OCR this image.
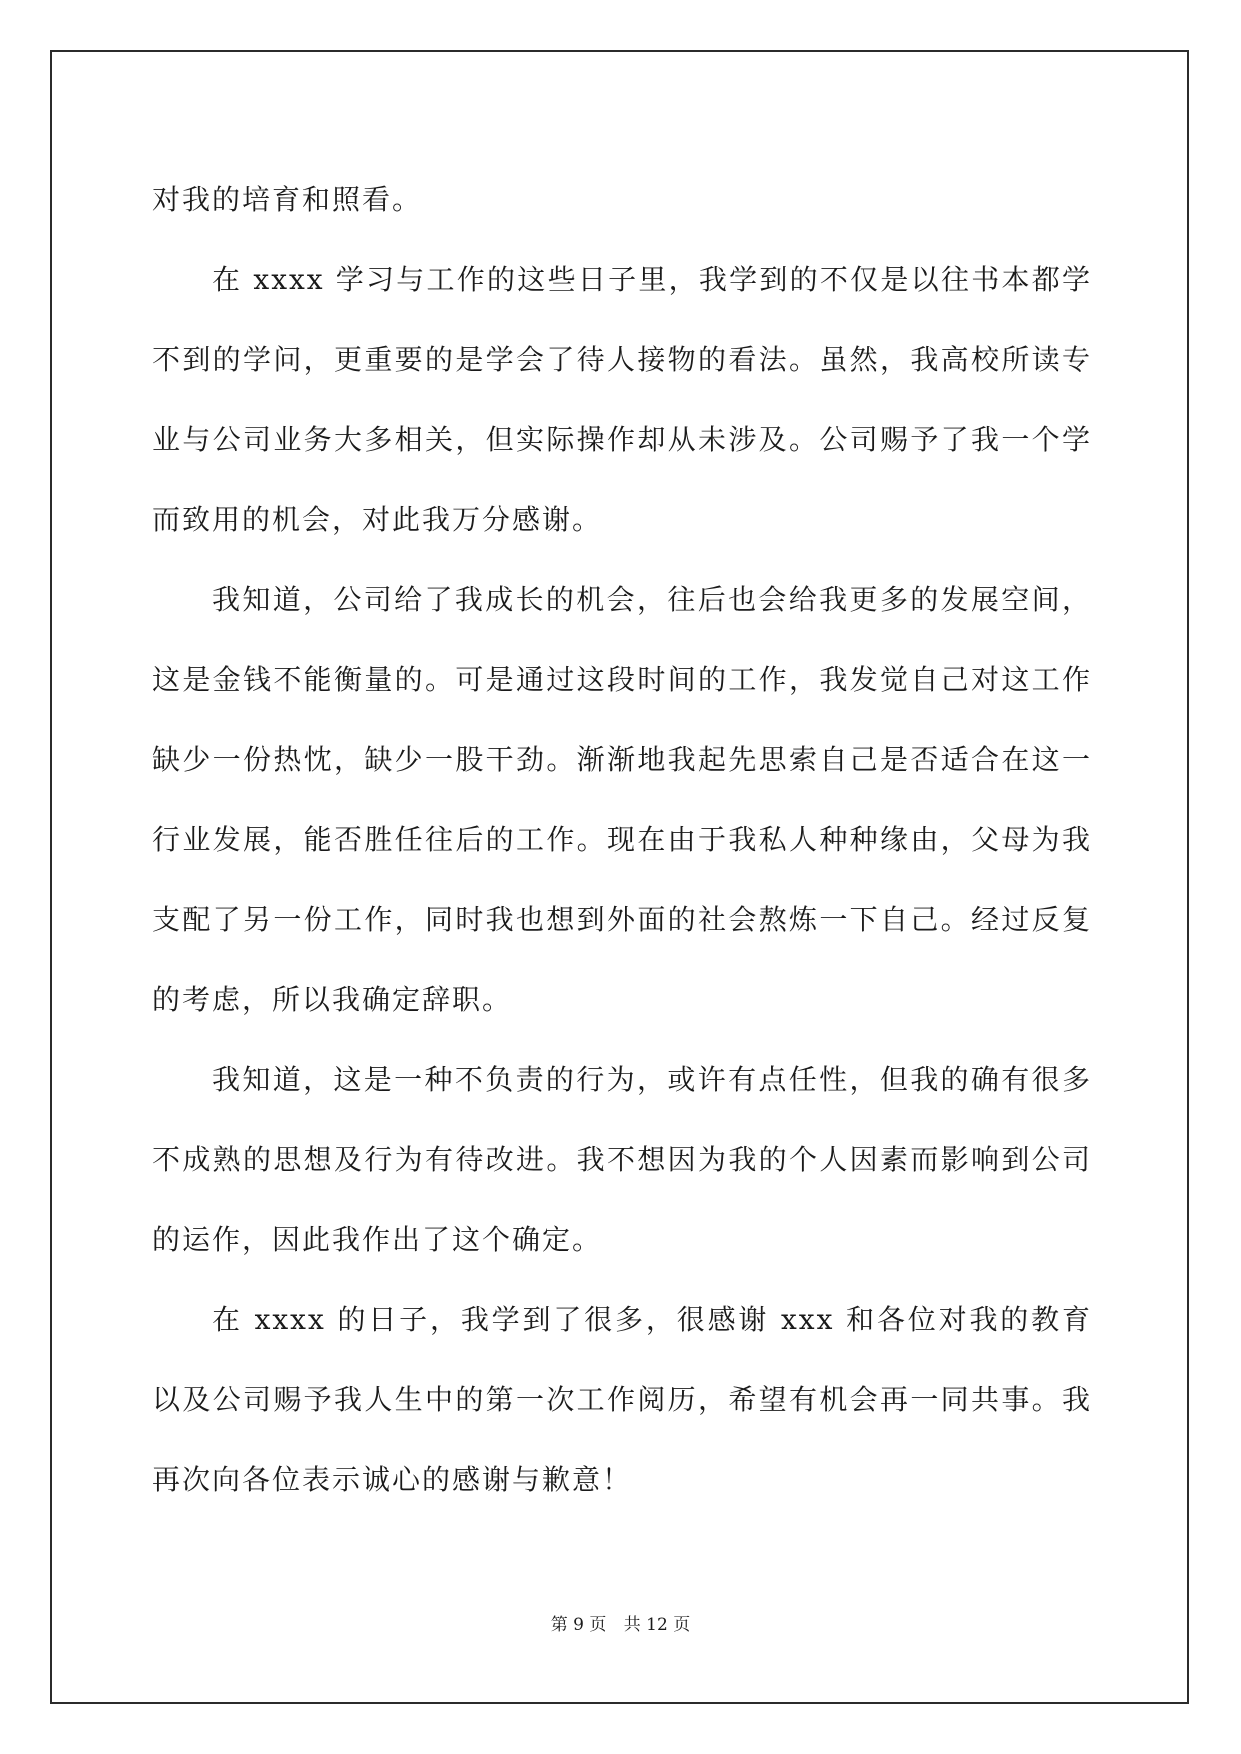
对我的培育和照看。

在 xxxx 学习与工作的这些日子里，我学到的不仅是以往书本都学不到的学问，更重要的是学会了待人接物的看法。虽然，我高校所读专业与公司业务大多相关，但实际操作却从未涉及。公司赐予了我一个学而致用的机会，对此我万分感谢。

我知道，公司给了我成长的机会，往后也会给我更多的发展空间，这是金钱不能衡量的。可是通过这段时间的工作，我发觉自己对这工作缺少一份热忱，缺少一股干劲。渐渐地我起先思索自己是否适合在这一行业发展，能否胜任往后的工作。现在由于我私人种种缘由，父母为我支配了另一份工作，同时我也想到外面的社会熬炼一下自己。经过反复的考虑，所以我确定辞职。

我知道，这是一种不负责的行为，或许有点任性，但我的确有很多不成熟的思想及行为有待改进。我不想因为我的个人因素而影响到公司的运作，因此我作出了这个确定。

在 xxxx 的日子，我学到了很多，很感谢 xxx 和各位对我的教育以及公司赐予我人生中的第一次工作阅历，希望有机会再一同共事。我再次向各位表示诚心的感谢与歉意！

第 9 页 共 12 页
